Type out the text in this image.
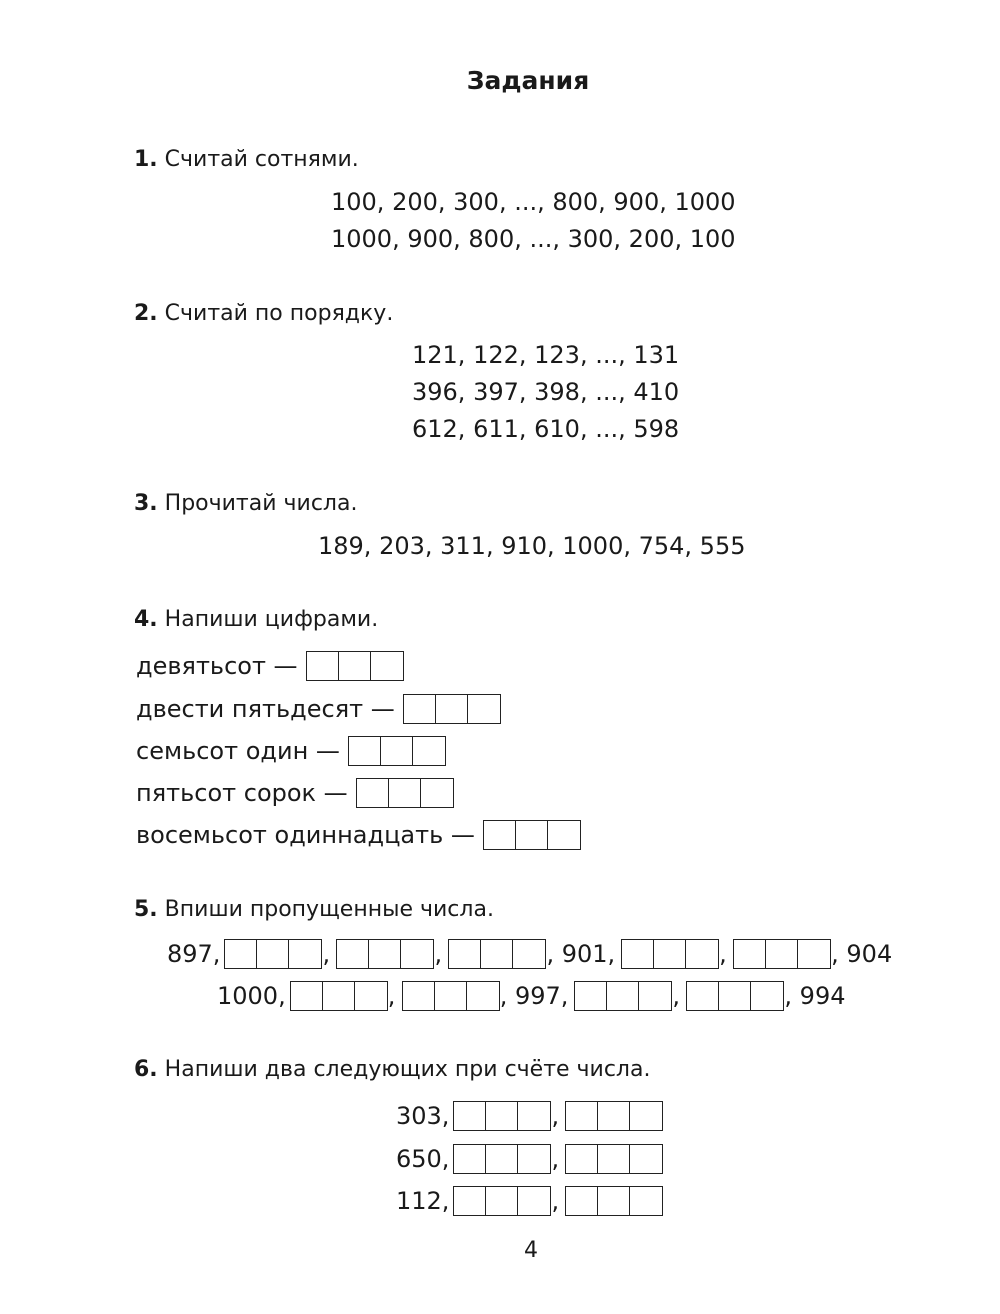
Задания
1. Считай сотнями.
100, 200, 300, ..., 800, 900, 1000
1000, 900, 800, ..., 300, 200, 100
2. Считай по порядку.
121, 122, 123, ..., 131
396, 397, 398, ..., 410
612, 611, 610, ..., 598
3. Прочитай числа.
189, 203, 311, 910, 1000, 754, 555
4. Напиши цифрами.
девятьсот —
двести пятьдесят —
семьсот один —
пятьсот сорок —
восемьсот одиннадцать —
5. Впиши пропущенные числа.
897,	,	,	, 901,	,	, 904
1000,	,	, 997,	,	, 994
6. Напиши два следующих при счёте числа.
303,	,
650,	,
112,	,
4
